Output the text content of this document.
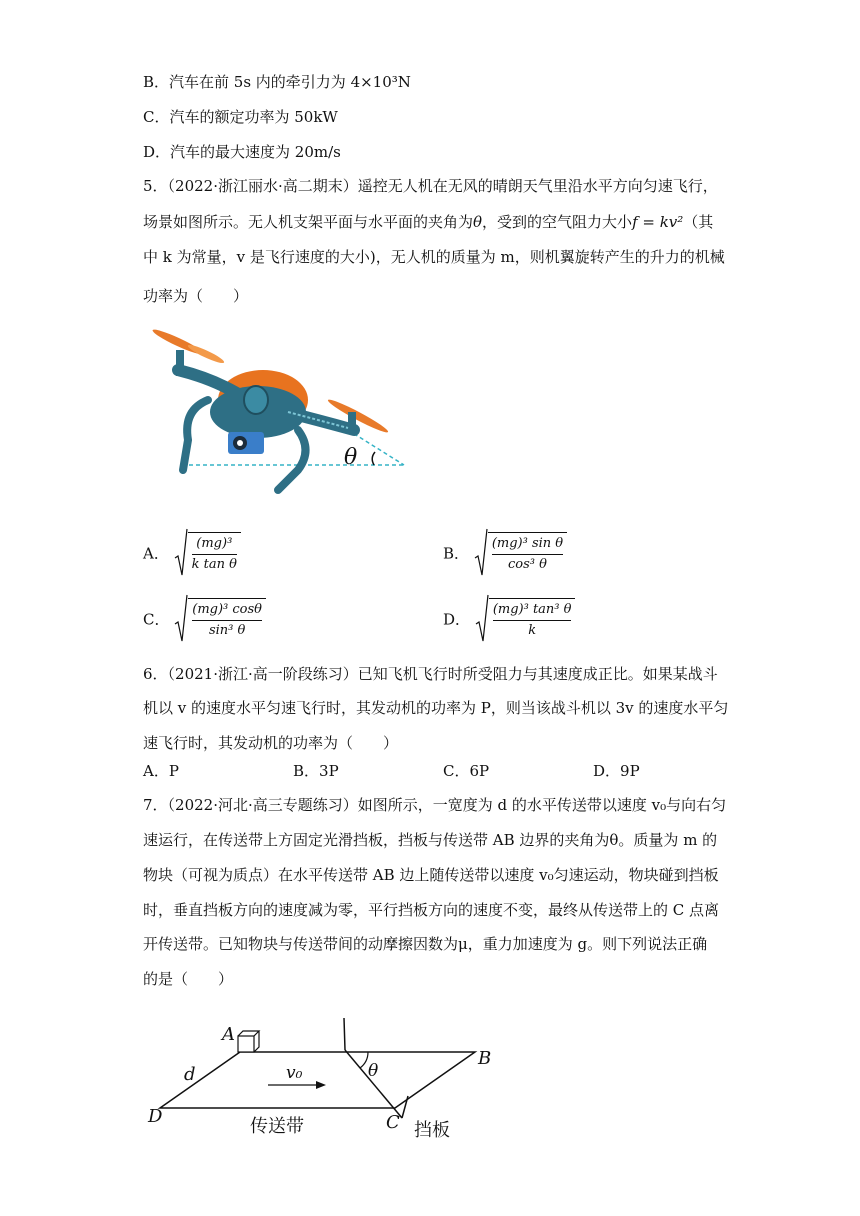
B．汽车在前 5s 内的牵引力为 4×10³N
C．汽车的额定功率为 50kW
D．汽车的最大速度为 20m/s
5．（2022·浙江丽水·高二期末）遥控无人机在无风的晴朗天气里沿水平方向匀速飞行，
场景如图所示。无人机支架平面与水平面的夹角为θ，受到的空气阻力大小f = kv²（其
中 k 为常量，v 是飞行速度的大小)，无人机的质量为 m，则机翼旋转产生的升力的机械
功率为（　　）
θ
A． $\frac{\text{(mg)³}}{\text{k tan θ}}$	B． $\frac{\text{(mg)³ sin θ}}{\text{cos³ θ}}$
C． $\frac{\text{(mg)³ cosθ}}{\text{sin³ θ}}$	D． $\frac{\text{(mg)³ tan³ θ}}{k}$
6．（2021·浙江·高一阶段练习）已知飞机飞行时所受阻力与其速度成正比。如果某战斗
机以 v 的速度水平匀速飞行时，其发动机的功率为 P，则当该战斗机以 3v 的速度水平匀
速飞行时，其发动机的功率为（　　）
A．P	B．3P	C．6P	D．9P
7．（2022·河北·高三专题练习）如图所示，一宽度为 d 的水平传送带以速度 v₀与向右匀
速运行，在传送带上方固定光滑挡板，挡板与传送带 AB 边界的夹角为θ。质量为 m 的
物块（可视为质点）在水平传送带 AB 边上随传送带以速度 v₀匀速运动，物块碰到挡板
时，垂直挡板方向的速度减为零，平行挡板方向的速度不变，最终从传送带上的 C 点离
开传送带。已知物块与传送带间的动摩擦因数为μ，重力加速度为 g。则下列说法正确
的是（　　）
A
B
C
D
d	v₀	θ
传送带	挡板
